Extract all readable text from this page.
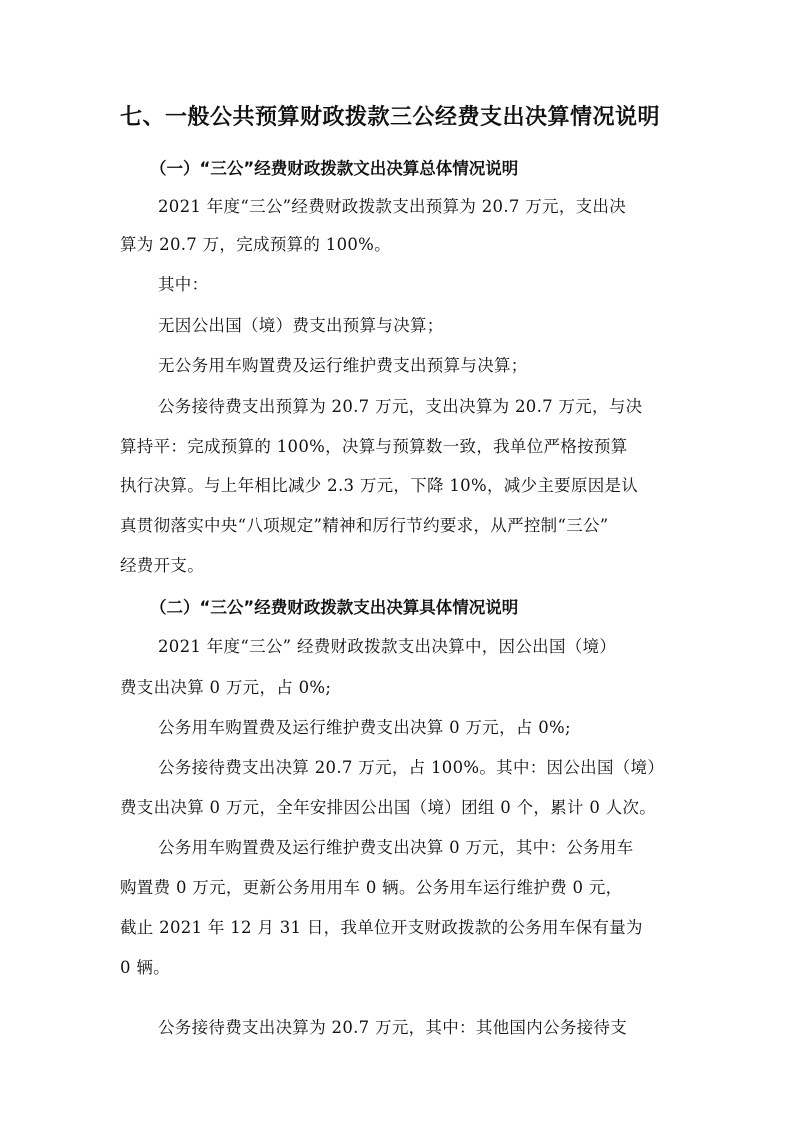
七、一般公共预算财政拨款三公经费支出决算情况说明
（一）“三公”经费财政拨款文出决算总体情况说明
2021 年度“三公”经费财政拨款支出预算为 20.7 万元，支出决
算为 20.7 万，完成预算的 100%。
其中：
无因公出国（境）费支出预算与决算；
无公务用车购置费及运行维护费支出预算与决算；
公务接待费支出预算为 20.7 万元，支出决算为 20.7 万元，与决
算持平：完成预算的 100%，决算与预算数一致，我单位严格按预算
执行决算。与上年相比减少 2.3 万元，下降 10%，减少主要原因是认
真贯彻落实中央“八项规定”精神和厉行节约要求，从严控制“三公”
经费开支。
（二）“三公”经费财政拨款支出决算具体情况说明
2021 年度“三公” 经费财政拨款支出决算中，因公出国（境）
费支出决算 0 万元，占 0%;
公务用车购置费及运行维护费支出决算 0 万元，占 0%;
公务接待费支出决算 20.7 万元，占 100%。其中：因公出国（境）
费支出决算 0 万元，全年安排因公出国（境）团组 0 个，累计 0 人次。
公务用车购置费及运行维护费支出决算 0 万元，其中：公务用车
购置费 0 万元，更新公务用用车 0 辆。公务用车运行维护费 0 元，
截止 2021 年 12 月 31 日，我单位开支财政拨款的公务用车保有量为
0 辆。
公务接待费支出决算为 20.7 万元，其中：其他国内公务接待支
